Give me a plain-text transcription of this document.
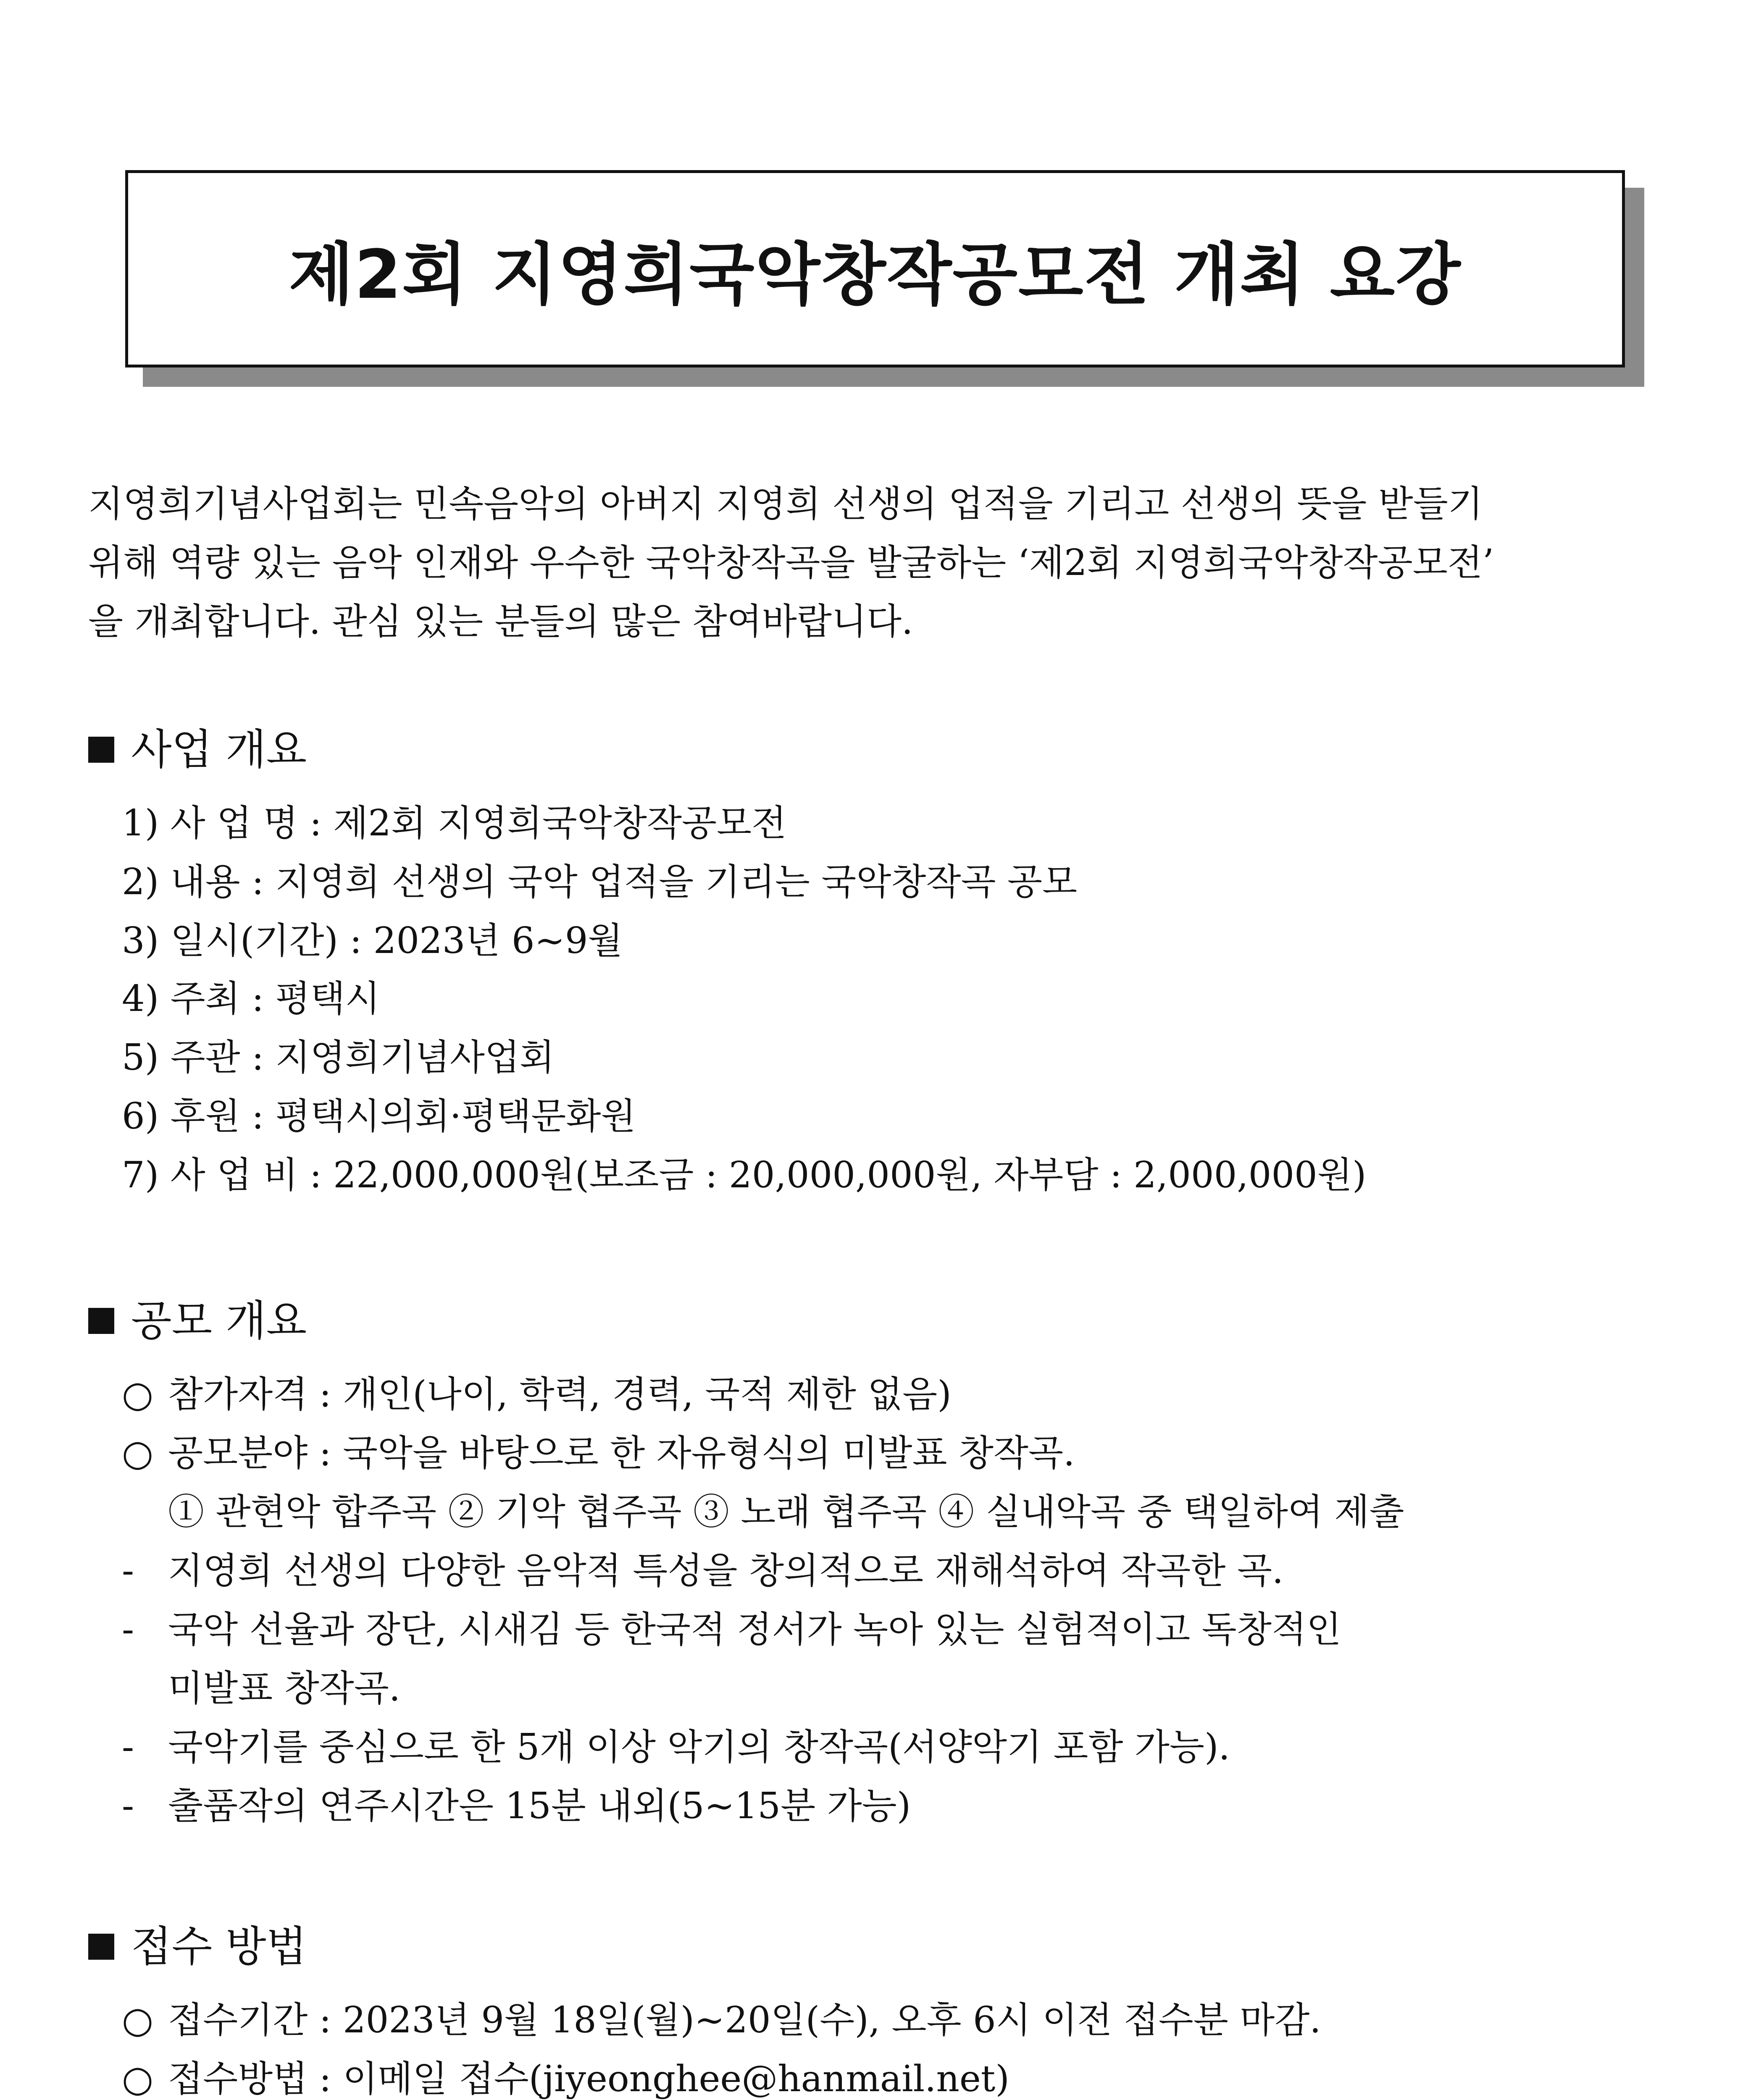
제2회 지영희국악창작공모전 개최 요강
지영희기념사업회는 민속음악의 아버지 지영희 선생의 업적을 기리고 선생의 뜻을 받들기
위해 역량 있는 음악 인재와 우수한 국악창작곡을 발굴하는 ‘제2회 지영희국악창작공모전’
을 개최합니다. 관심 있는 분들의 많은 참여바랍니다.
사업 개요
1) 사 업 명 : 제2회 지영희국악창작공모전
2) 내용 : 지영희 선생의 국악 업적을 기리는 국악창작곡 공모
3) 일시(기간) : 2023년 6~9월
4) 주최 : 평택시
5) 주관 : 지영희기념사업회
6) 후원 : 평택시의회·평택문화원
7) 사 업 비 : 22,000,000원(보조금 : 20,000,000원, 자부담 : 2,000,000원)
공모 개요
○ 참가자격 : 개인(나이, 학력, 경력, 국적 제한 없음)
○ 공모분야 : 국악을 바탕으로 한 자유형식의 미발표 창작곡.
① 관현악 합주곡 ② 기악 협주곡 ③ 노래 협주곡 ④ 실내악곡 중 택일하여 제출
- 지영희 선생의 다양한 음악적 특성을 창의적으로 재해석하여 작곡한 곡.
- 국악 선율과 장단, 시새김 등 한국적 정서가 녹아 있는 실험적이고 독창적인
미발표 창작곡.
- 국악기를 중심으로 한 5개 이상 악기의 창작곡(서양악기 포함 가능).
- 출품작의 연주시간은 15분 내외(5~15분 가능)
접수 방법
○ 접수기간 : 2023년 9월 18일(월)~20일(수), 오후 6시 이전 접수분 마감.
○ 접수방법 : 이메일 접수(jiyeonghee@hanmail.net)
